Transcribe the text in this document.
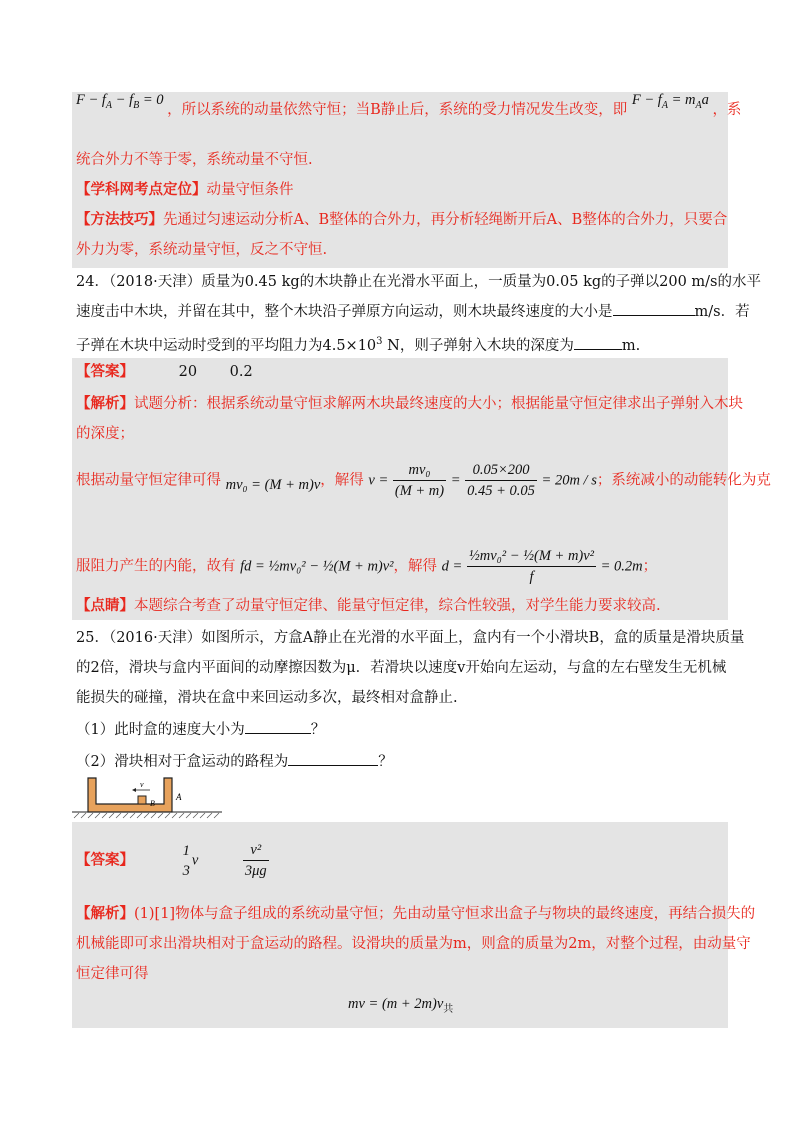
$F - f_A - f_B = 0$ ，所以系统的动量依然守恒；当B静止后，系统的受力情况发生改变，即 $F - f_A = m_Aa$ ，系
统合外力不等于零，系统动量不守恒.
【学科网考点定位】动量守恒条件
【方法技巧】先通过匀速运动分析A、B整体的合外力，再分析轻绳断开后A、B整体的合外力，只要合
外力为零，系统动量守恒，反之不守恒.
24．（2018·天津）质量为0.45 kg的木块静止在光滑水平面上，一质量为0.05 kg的子弹以200 m/s的水平
速度击中木块，并留在其中，整个木块沿子弹原方向运动，则木块最终速度的大小是	m/s．若
子弹在木块中运动时受到的平均阻力为$4.5\times 10^3$ N，则子弹射入木块的深度为	m.
【答案】	20 0.2
【解析】试题分析：根据系统动量守恒求解两木块最终速度的大小；根据能量守恒定律求出子弹射入木块
的深度；
根据动量守恒定律可得 mv₀ = (M + m)v，解得 $v = \frac{\text{mv₀}}{(M + m)} = \frac{0.05\times 200}{0.45 + 0.05} = 20m / s$；系统减小的动能转化为克
服阻力产生的内能，故有 fd = ½mv₀² − ½(M + m)v²，解得 $d = \frac{\text{½mv₀² − ½(M + m)v²}}{f} = 0.2m$；
【点睛】本题综合考查了动量守恒定律、能量守恒定律，综合性较强，对学生能力要求较高.
25．（2016·天津）如图所示，方盒A静止在光滑的水平面上，盒内有一个小滑块B，盒的质量是滑块质量
的2倍，滑块与盒内平面间的动摩擦因数为μ．若滑块以速度v开始向左运动，与盒的左右壁发生无机械
能损失的碰撞，滑块在盒中来回运动多次，最终相对盒静止.
（1）此时盒的速度大小为	？
（2）滑块相对于盒运动的路程为	？
v
B
A
【答案】
1
3
v	$\frac{\text{v²}}{3\mu g}$
【解析】(1)[1]物体与盒子组成的系统动量守恒；先由动量守恒求出盒子与物块的最终速度，再结合损失的
机械能即可求出滑块相对于盒运动的路程。设滑块的质量为m，则盒的质量为2m，对整个过程，由动量守
恒定律可得
mv = $(m + 2m)v_共$
